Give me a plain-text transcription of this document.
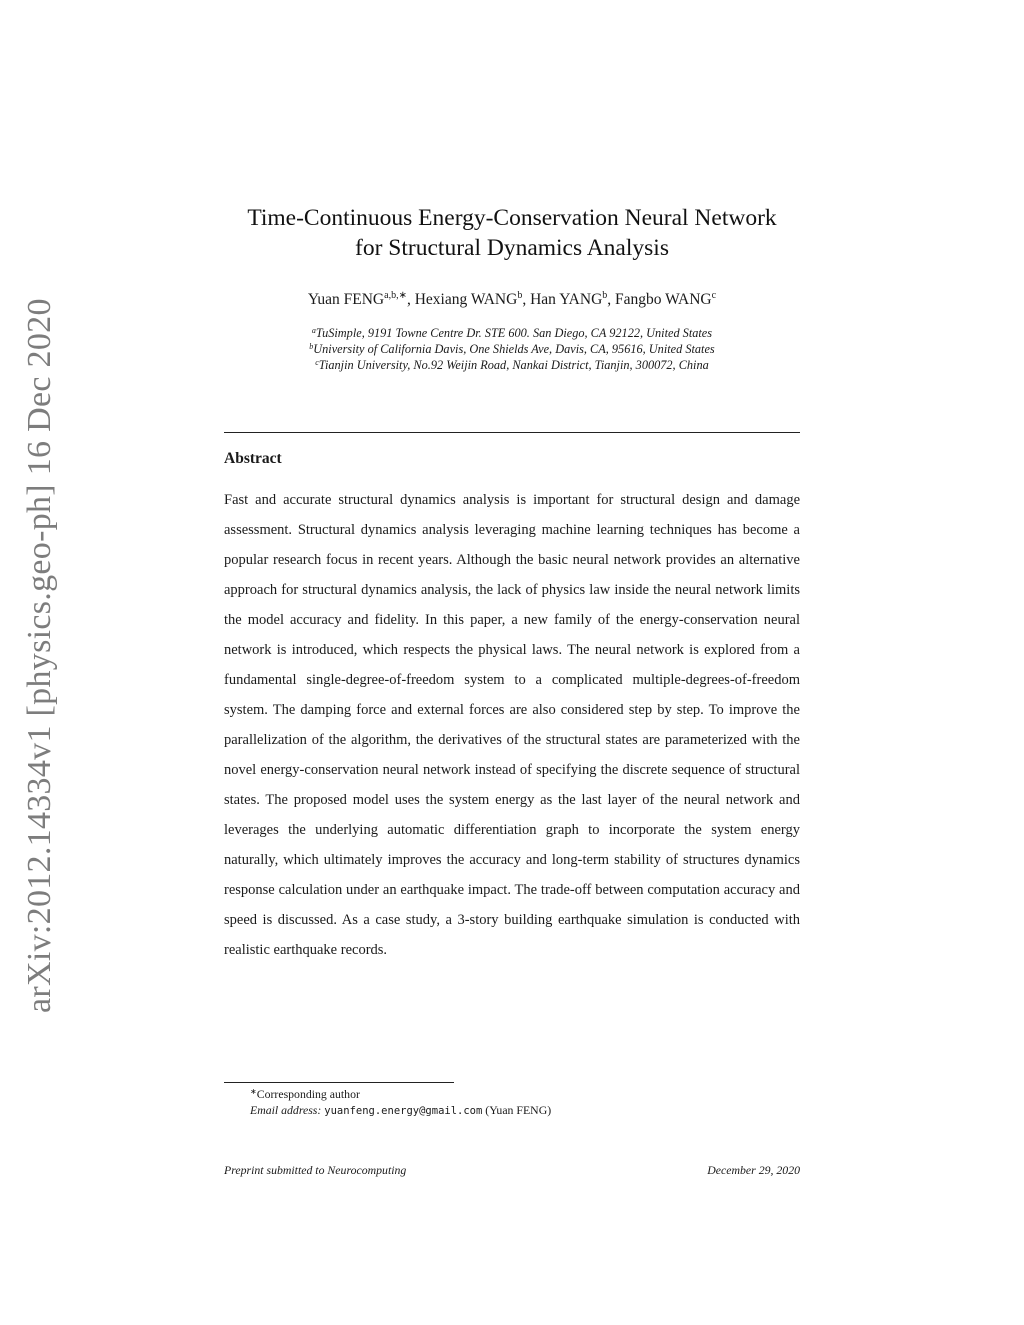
arXiv:2012.14334v1 [physics.geo-ph] 16 Dec 2020
Time-Continuous Energy-Conservation Neural Network
for Structural Dynamics Analysis
Yuan $FENG^{a,b,∗}$, Hexiang WANG$^b$, Han YANG$^b$, Fangbo WANG$^c$
$^a$TuSimple, 9191 Towne Centre Dr. STE 600. San Diego, CA 92122, United States
$^b$University of California Davis, One Shields Ave, Davis, CA, 95616, United States
$^c$Tianjin University, No.92 Weijin Road, Nankai District, Tianjin, 300072, China
Abstract
Fast and accurate structural dynamics analysis is important for structural design and damage assessment. Structural dynamics analysis leveraging machine learning techniques has become a popular research focus in recent years. Although the basic neural network provides an alternative approach for structural dynamics analysis, the lack of physics law inside the neural network limits the model accuracy and fidelity. In this paper, a new family of the energy-conservation neural network is introduced, which respects the physical laws. The neural network is explored from a fundamental single-degree-of-freedom system to a complicated multiple-degrees-of-freedom system. The damping force and external forces are also considered step by step. To improve the parallelization of the algorithm, the derivatives of the structural states are parameterized with the novel energy-conservation neural network instead of specifying the discrete sequence of structural states. The proposed model uses the system energy as the last layer of the neural network and leverages the underlying automatic differentiation graph to incorporate the system energy naturally, which ultimately improves the accuracy and long-term stability of structures dynamics response calculation under an earthquake impact. The trade-off between computation accuracy and speed is discussed. As a case study, a 3-story building earthquake simulation is conducted with realistic earthquake records.
∗Corresponding author
Email address: yuanfeng.energy@gmail.com (Yuan FENG)
Preprint submitted to Neurocomputing	December 29, 2020
